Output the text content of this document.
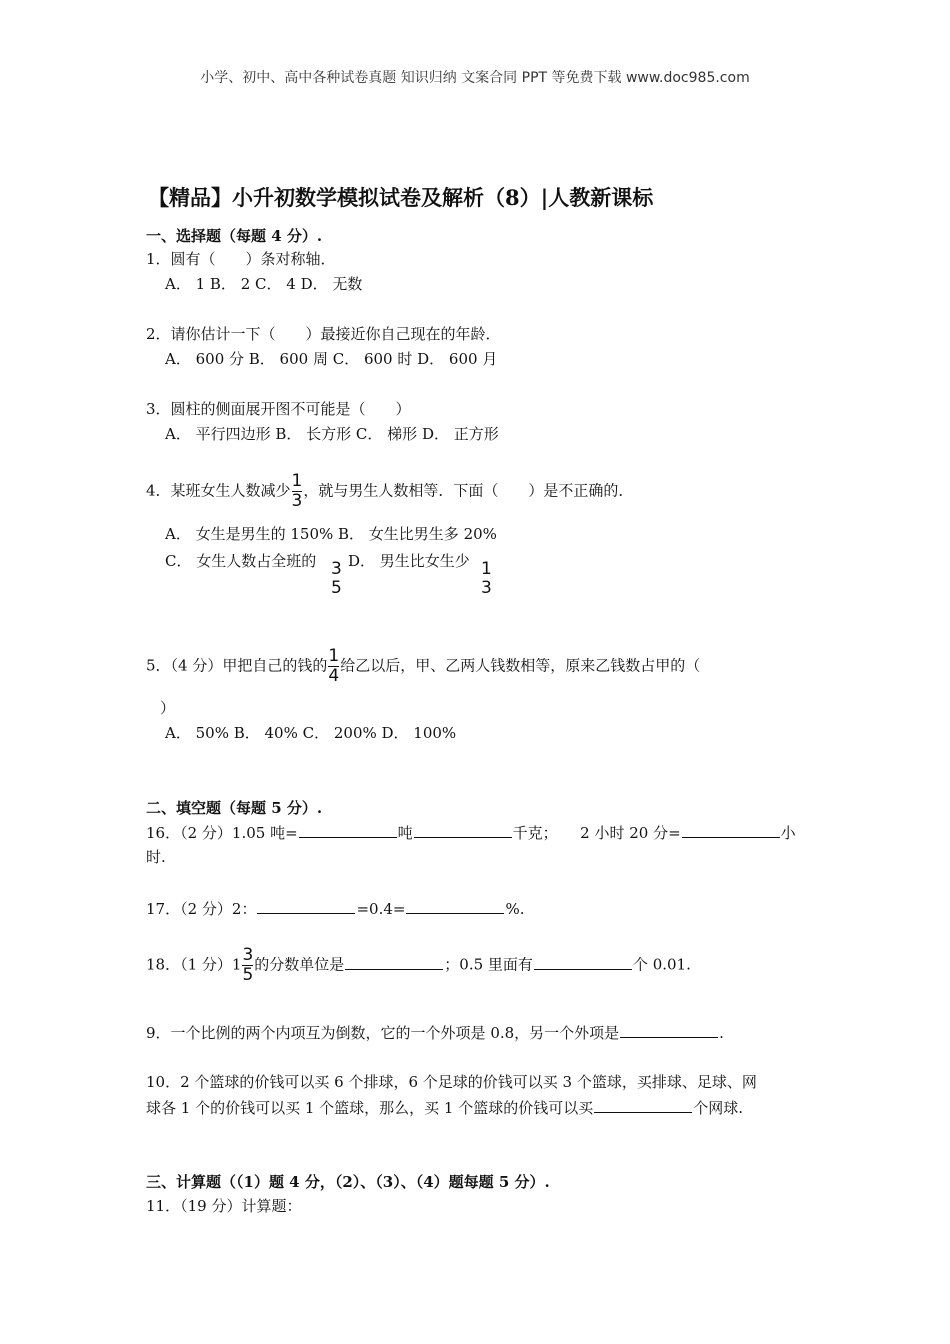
小学、初中、高中各种试卷真题 知识归纳 文案合同 PPT 等免费下载 www.doc985.com
【精品】小升初数学模拟试卷及解析（8）|人教新课标
一、选择题（每题 4 分）.
1．圆有（　　）条对称轴．
A． 1 B． 2 C． 4 D． 无数
2．请你估计一下（　　）最接近你自己现在的年龄．
A． 600 分 B． 600 周 C． 600 时 D． 600 月
3．圆柱的侧面展开图不可能是（　　）
A． 平行四边形 B． 长方形 C． 梯形 D． 正方形
4．某班女生人数减少 $\frac{1}{3}$ ，就与男生人数相等．下面（　　）是不正确的．
A． 女生是男生的 150% B． 女生比男生多 20%
C． 女生人数占全班的 3
5
D． 男生比女生少 1
3
5．（4 分）甲把自己的钱的 $\frac{1}{4}$ 给乙以后，甲、乙两人钱数相等，原来乙钱数占甲的（
）
A． 50% B． 40% C． 200% D． 100%
二、填空题（每题 5 分）.
16．（2 分）1.05 吨=	吨	千克；　　2 小时 20 分=	小
时.
17．（2 分）2：	=0.4=	%.
18．（1 分）$1 \frac{3}{5}$ 的分数单位是	；0.5 里面有	个 0.01.
9．一个比例的两个内项互为倒数，它的一个外项是 0.8，另一个外项是	.
10．2 个篮球的价钱可以买 6 个排球，6 个足球的价钱可以买 3 个篮球，买排球、足球、网
球各 1 个的价钱可以买 1 个篮球，那么，买 1 个篮球的价钱可以买	个网球.
三、计算题（（1）题 4 分，（2）、（3）、（4）题每题 5 分）.
11．（19 分）计算题：
